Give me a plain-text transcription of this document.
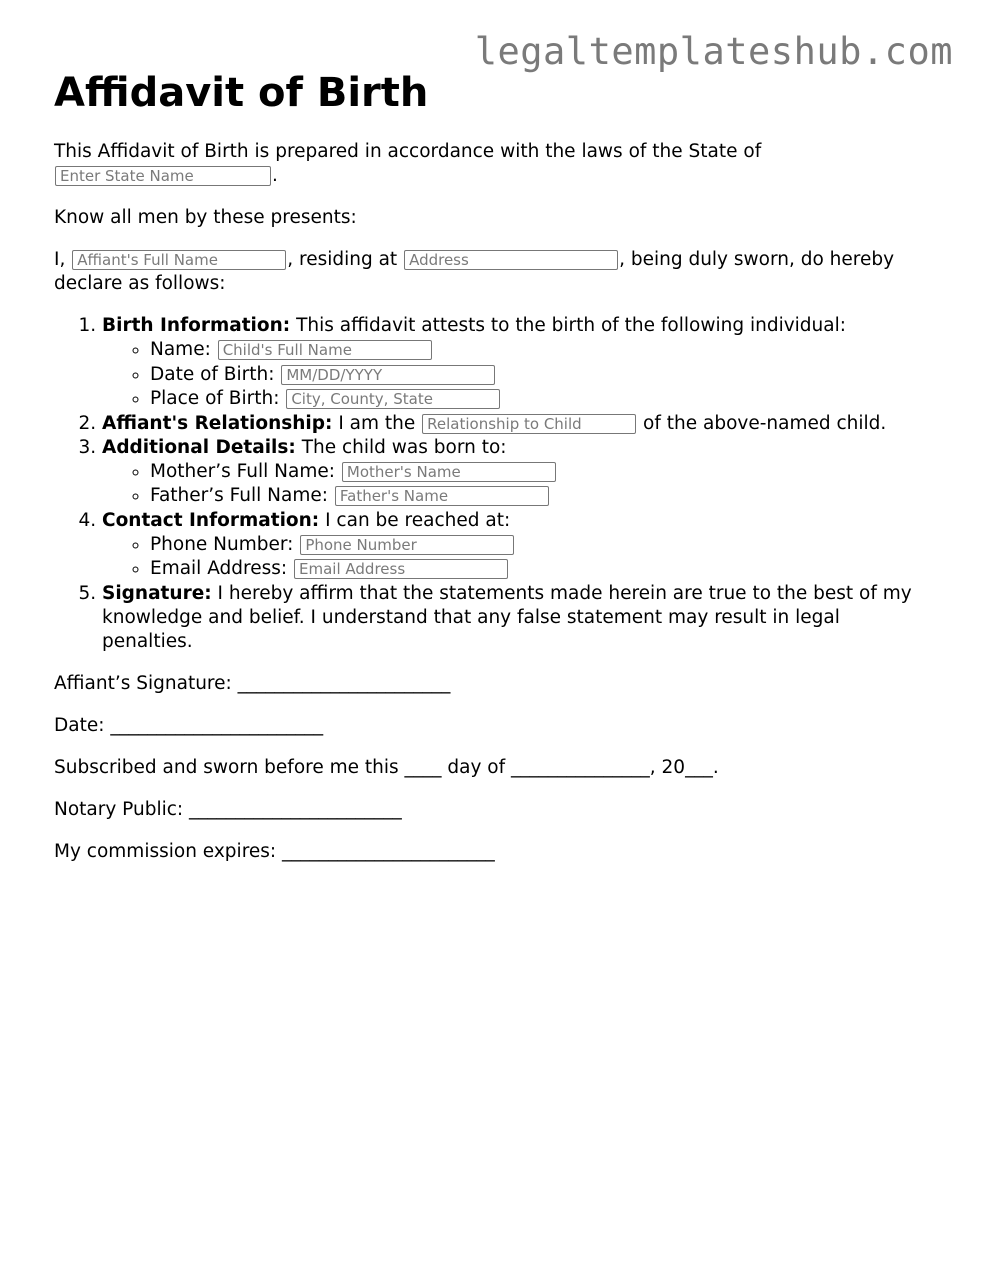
legaltemplateshub.com
Affidavit of Birth

This Affidavit of Birth is prepared in accordance with the laws of the State of
Enter State Name.

Know all men by these presents:

I, Affiant's Full Name	, residing at Address	, being duly sworn, do hereby declare as follows:

1. Birth Information: This affidavit attests to the birth of the following individual:
◦ Name: Child's Full Name
◦ Date of Birth: MM/DD/YYYY
◦ Place of Birth: City, County, State
2. Affiant's Relationship: I am the Relationship to Child	of the above-named child.
3. Additional Details: The child was born to:
◦ Mother’s Full Name: Mother's Name
◦ Father’s Full Name: Father's Name
4. Contact Information: I can be reached at:
◦ Phone Number: Phone Number
◦ Email Address: Email Address
5. Signature: I hereby affirm that the statements made herein are true to the best of my knowledge and belief. I understand that any false statement may result in legal penalties.

Affiant’s Signature: _______________________

Date: _______________________

Subscribed and sworn before me this ____ day of _______________, 20___.

Notary Public: _______________________

My commission expires: _______________________
